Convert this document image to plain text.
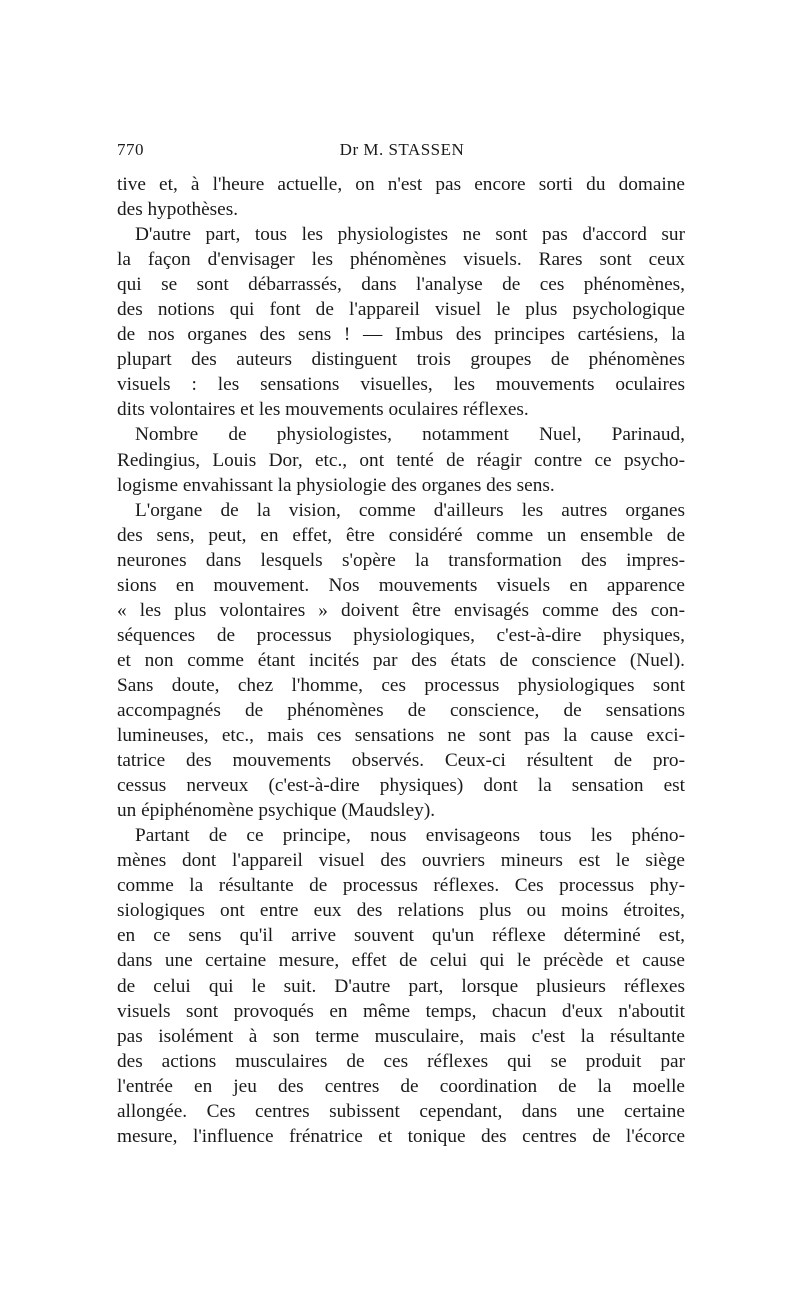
770	Dr M. STASSEN
tive et, à l'heure actuelle, on n'est pas encore sorti du domaine
des hypothèses.
D'autre part, tous les physiologistes ne sont pas d'accord sur
la façon d'envisager les phénomènes visuels. Rares sont ceux
qui se sont débarrassés, dans l'analyse de ces phénomènes,
des notions qui font de l'appareil visuel le plus psychologique
de nos organes des sens ! — Imbus des principes cartésiens, la
plupart des auteurs distinguent trois groupes de phénomènes
visuels : les sensations visuelles, les mouvements oculaires
dits volontaires et les mouvements oculaires réflexes.
Nombre de physiologistes, notamment Nuel, Parinaud,
Redingius, Louis Dor, etc., ont tenté de réagir contre ce psycho-
logisme envahissant la physiologie des organes des sens.
L'organe de la vision, comme d'ailleurs les autres organes
des sens, peut, en effet, être considéré comme un ensemble de
neurones dans lesquels s'opère la transformation des impres-
sions en mouvement. Nos mouvements visuels en apparence
« les plus volontaires » doivent être envisagés comme des con-
séquences de processus physiologiques, c'est-à-dire physiques,
et non comme étant incités par des états de conscience (Nuel).
Sans doute, chez l'homme, ces processus physiologiques sont
accompagnés de phénomènes de conscience, de sensations
lumineuses, etc., mais ces sensations ne sont pas la cause exci-
tatrice des mouvements observés. Ceux-ci résultent de pro-
cessus nerveux (c'est-à-dire physiques) dont la sensation est
un épiphénomène psychique (Maudsley).
Partant de ce principe, nous envisageons tous les phéno-
mènes dont l'appareil visuel des ouvriers mineurs est le siège
comme la résultante de processus réflexes. Ces processus phy-
siologiques ont entre eux des relations plus ou moins étroites,
en ce sens qu'il arrive souvent qu'un réflexe déterminé est,
dans une certaine mesure, effet de celui qui le précède et cause
de celui qui le suit. D'autre part, lorsque plusieurs réflexes
visuels sont provoqués en même temps, chacun d'eux n'aboutit
pas isolément à son terme musculaire, mais c'est la résultante
des actions musculaires de ces réflexes qui se produit par
l'entrée en jeu des centres de coordination de la moelle
allongée. Ces centres subissent cependant, dans une certaine
mesure, l'influence frénatrice et tonique des centres de l'écorce
